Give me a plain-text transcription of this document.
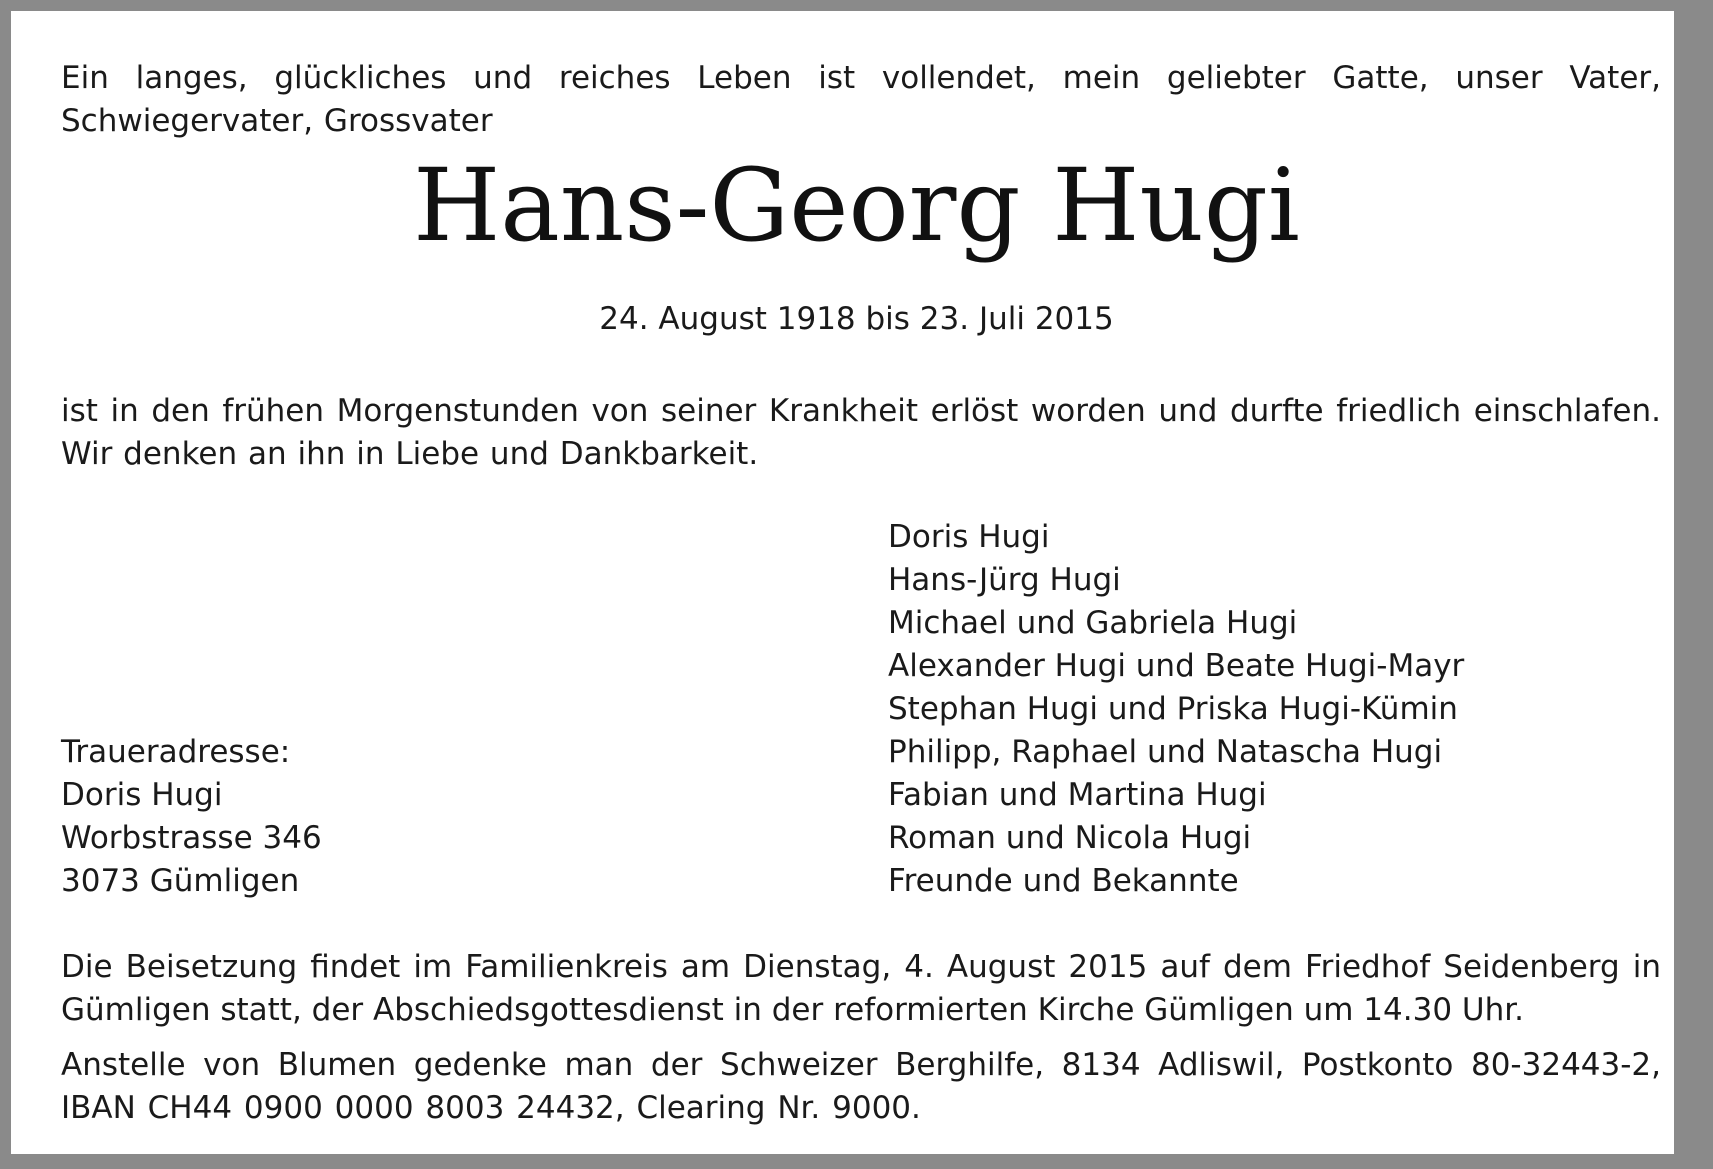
Ein langes, glückliches und reiches Leben ist vollendet, mein geliebter Gatte, unser Vater, Schwiegervater, Grossvater
Hans-Georg Hugi
24. August 1918 bis 23. Juli 2015
ist in den frühen Morgenstunden von seiner Krankheit erlöst worden und durfte friedlich einschlafen. Wir denken an ihn in Liebe und Dankbarkeit.
Doris Hugi
Hans-Jürg Hugi
Michael und Gabriela Hugi
Alexander Hugi und Beate Hugi-Mayr
Stephan Hugi und Priska Hugi-Kümin
Philipp, Raphael und Natascha Hugi
Fabian und Martina Hugi
Roman und Nicola Hugi
Freunde und Bekannte
Traueradresse:
Doris Hugi
Worbstrasse 346
3073 Gümligen
Die Beisetzung findet im Familienkreis am Dienstag, 4. August 2015 auf dem Friedhof Seidenberg in Gümligen statt, der Abschiedsgottesdienst in der reformierten Kirche Gümligen um 14.30 Uhr.
Anstelle von Blumen gedenke man der Schweizer Berghilfe, 8134 Adliswil, Postkonto 80-32443-2, IBAN CH44 0900 0000 8003 24432, Clearing Nr. 9000.
